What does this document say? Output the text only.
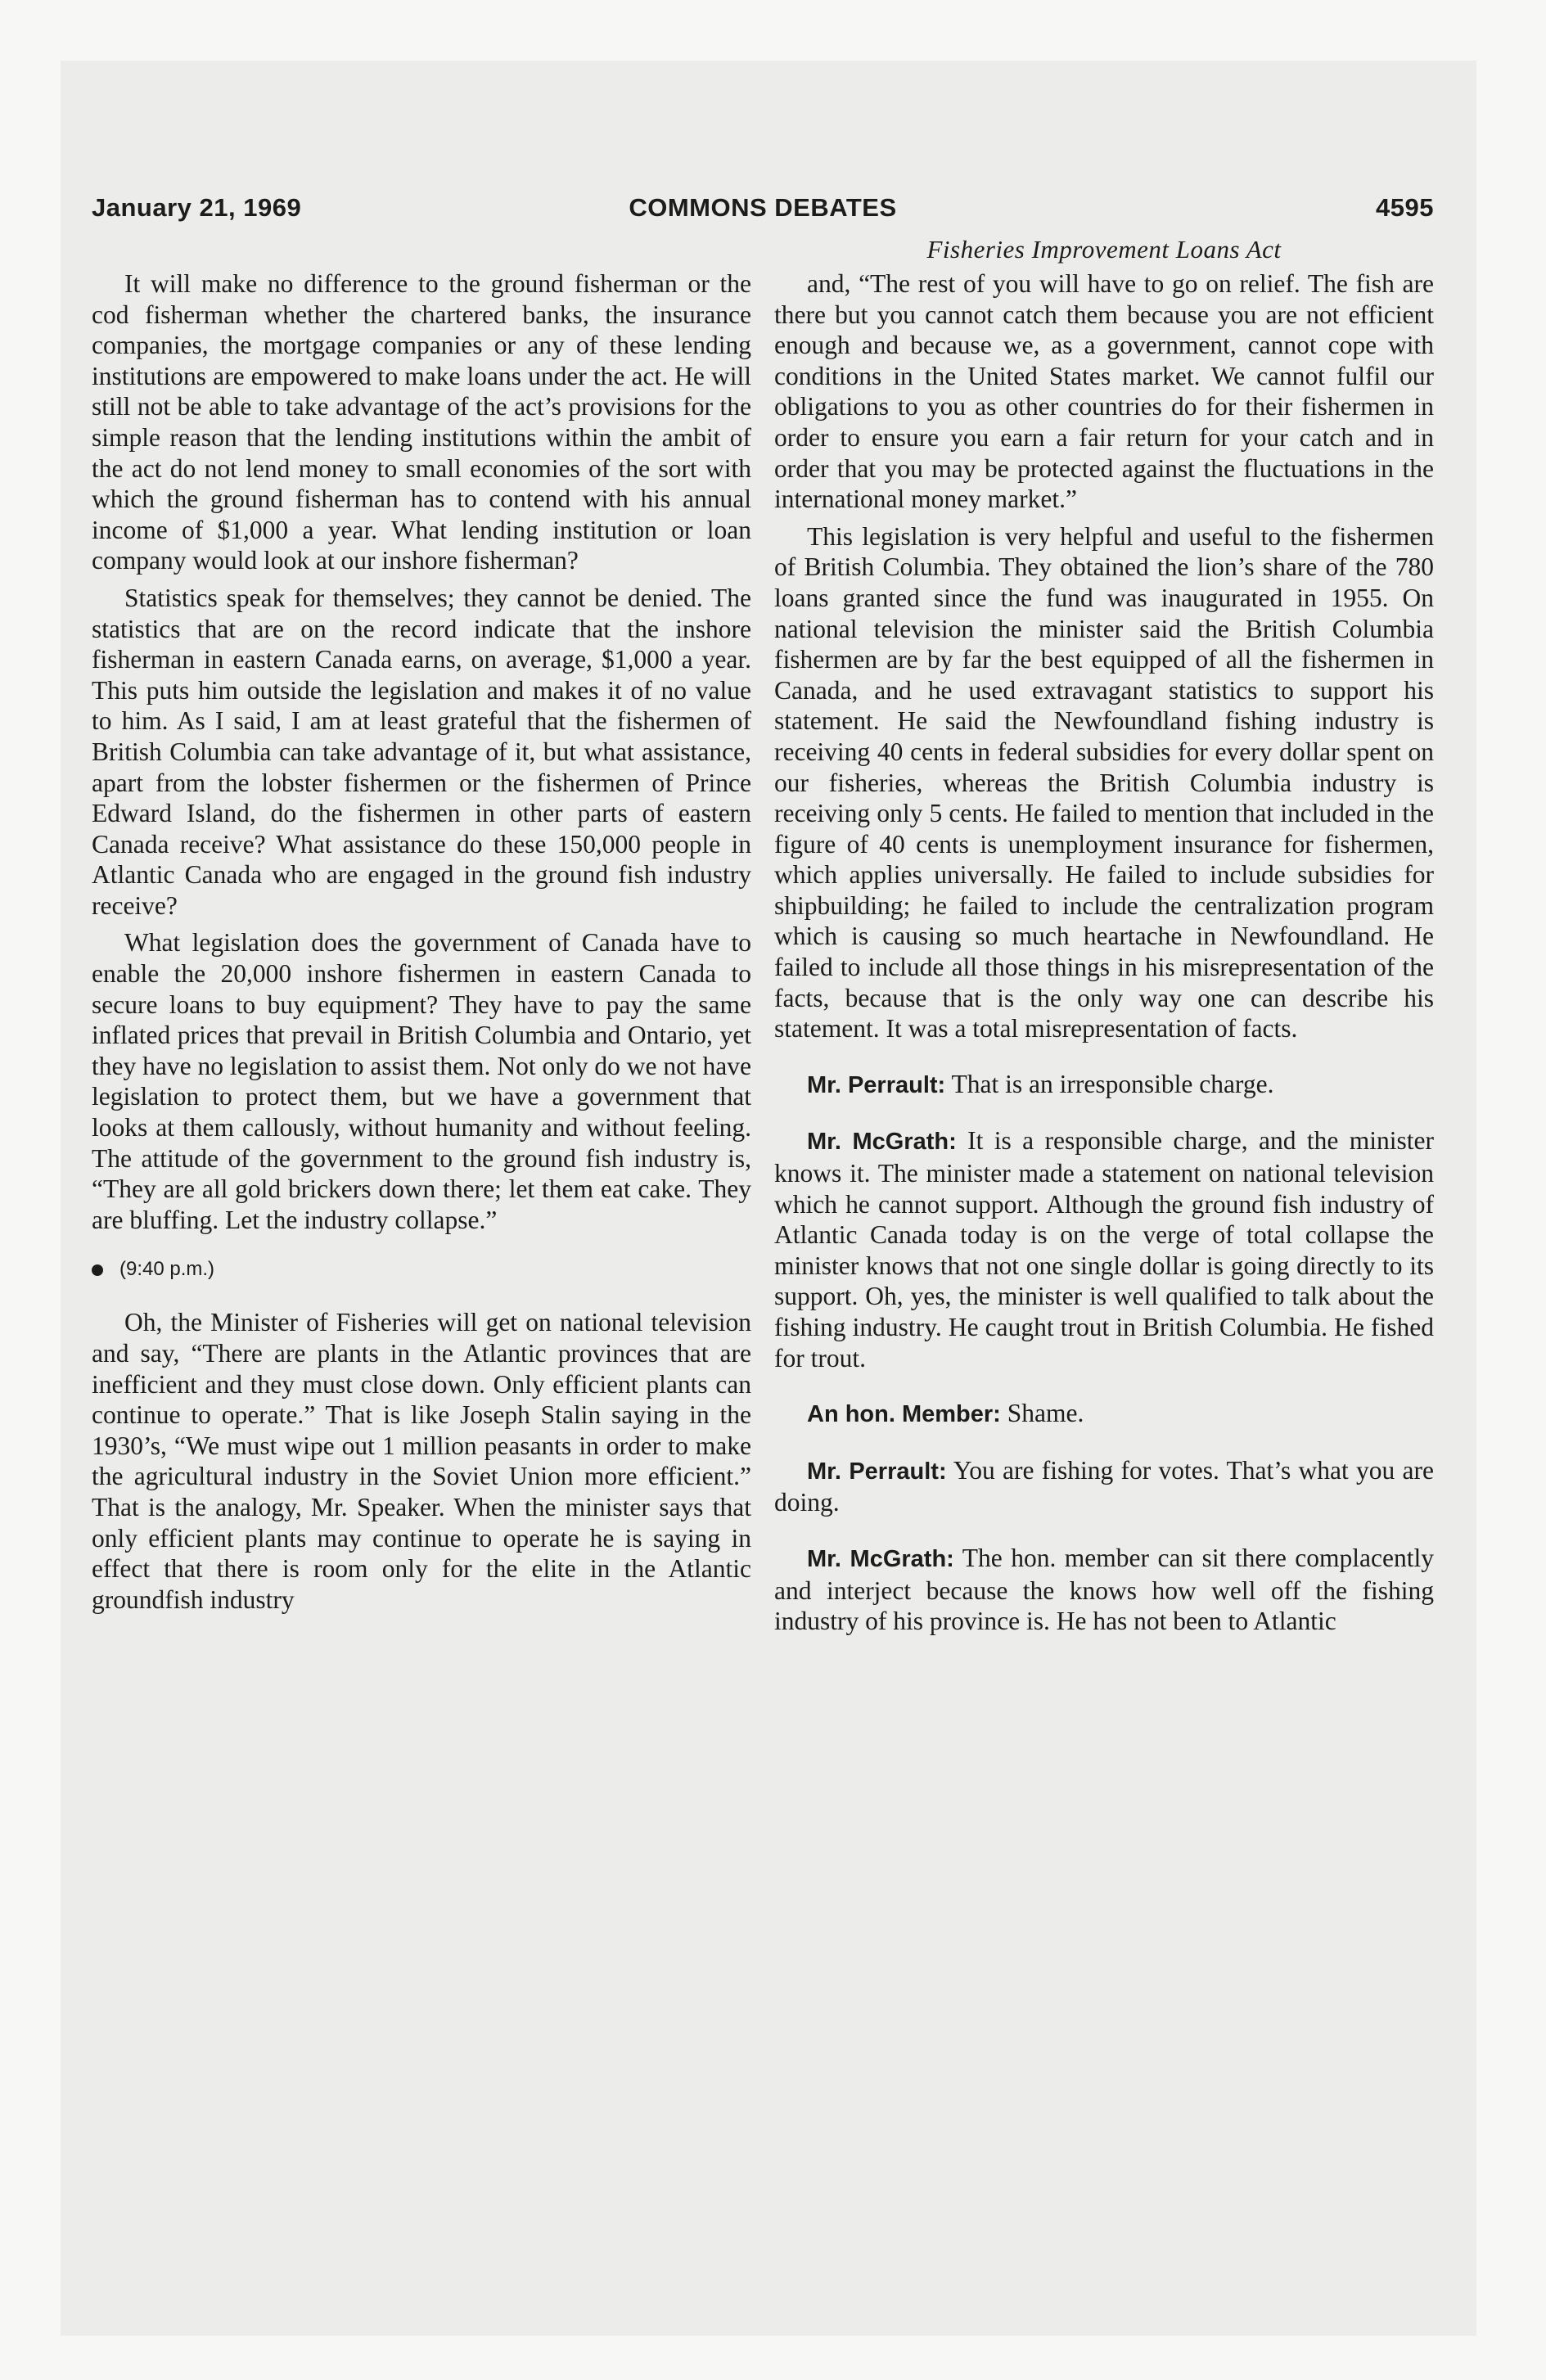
January 21, 1969	COMMONS DEBATES	4595

It will make no difference to the ground fisherman or the cod fisherman whether the chartered banks, the insurance companies, the mortgage companies or any of these lending institutions are empowered to make loans under the act. He will still not be able to take advantage of the act’s provisions for the simple reason that the lending institutions within the ambit of the act do not lend money to small economies of the sort with which the ground fisherman has to contend with his annual income of $1,000 a year. What lending institution or loan company would look at our inshore fisherman?

Statistics speak for themselves; they cannot be denied. The statistics that are on the record indicate that the inshore fisherman in eastern Canada earns, on average, $1,000 a year. This puts him outside the legislation and makes it of no value to him. As I said, I am at least grateful that the fishermen of British Columbia can take advantage of it, but what assistance, apart from the lobster fishermen or the fishermen of Prince Edward Island, do the fishermen in other parts of eastern Canada receive? What assistance do these 150,000 people in Atlantic Canada who are engaged in the ground fish industry receive?

What legislation does the government of Canada have to enable the 20,000 inshore fishermen in eastern Canada to secure loans to buy equipment? They have to pay the same inflated prices that prevail in British Columbia and Ontario, yet they have no legislation to assist them. Not only do we not have legislation to protect them, but we have a government that looks at them callously, without humanity and without feeling. The attitude of the government to the ground fish industry is, “They are all gold brickers down there; let them eat cake. They are bluffing. Let the industry collapse.”

(9:40 p.m.)

Oh, the Minister of Fisheries will get on national television and say, “There are plants in the Atlantic provinces that are inefficient and they must close down. Only efficient plants can continue to operate.” That is like Joseph Stalin saying in the 1930’s, “We must wipe out 1 million peasants in order to make the agricultural industry in the Soviet Union more efficient.” That is the analogy, Mr. Speaker. When the minister says that only efficient plants may continue to operate he is saying in effect that there is room only for the elite in the Atlantic groundfish industry

Fisheries Improvement Loans Act

and, “The rest of you will have to go on relief. The fish are there but you cannot catch them because you are not efficient enough and because we, as a government, cannot cope with conditions in the United States market. We cannot fulfil our obligations to you as other countries do for their fishermen in order to ensure you earn a fair return for your catch and in order that you may be protected against the fluctuations in the international money market.”

This legislation is very helpful and useful to the fishermen of British Columbia. They obtained the lion’s share of the 780 loans granted since the fund was inaugurated in 1955. On national television the minister said the British Columbia fishermen are by far the best equipped of all the fishermen in Canada, and he used extravagant statistics to support his statement. He said the Newfoundland fishing industry is receiving 40 cents in federal subsidies for every dollar spent on our fisheries, whereas the British Columbia industry is receiving only 5 cents. He failed to mention that included in the figure of 40 cents is unemployment insurance for fishermen, which applies universally. He failed to include subsidies for shipbuilding; he failed to include the centralization program which is causing so much heartache in Newfoundland. He failed to include all those things in his misrepresentation of the facts, because that is the only way one can describe his statement. It was a total misrepresentation of facts.

Mr. Perrault: That is an irresponsible charge.

Mr. McGrath: It is a responsible charge, and the minister knows it. The minister made a statement on national television which he cannot support. Although the ground fish industry of Atlantic Canada today is on the verge of total collapse the minister knows that not one single dollar is going directly to its support. Oh, yes, the minister is well qualified to talk about the fishing industry. He caught trout in British Columbia. He fished for trout.

An hon. Member: Shame.

Mr. Perrault: You are fishing for votes. That’s what you are doing.

Mr. McGrath: The hon. member can sit there complacently and interject because the knows how well off the fishing industry of his province is. He has not been to Atlantic
